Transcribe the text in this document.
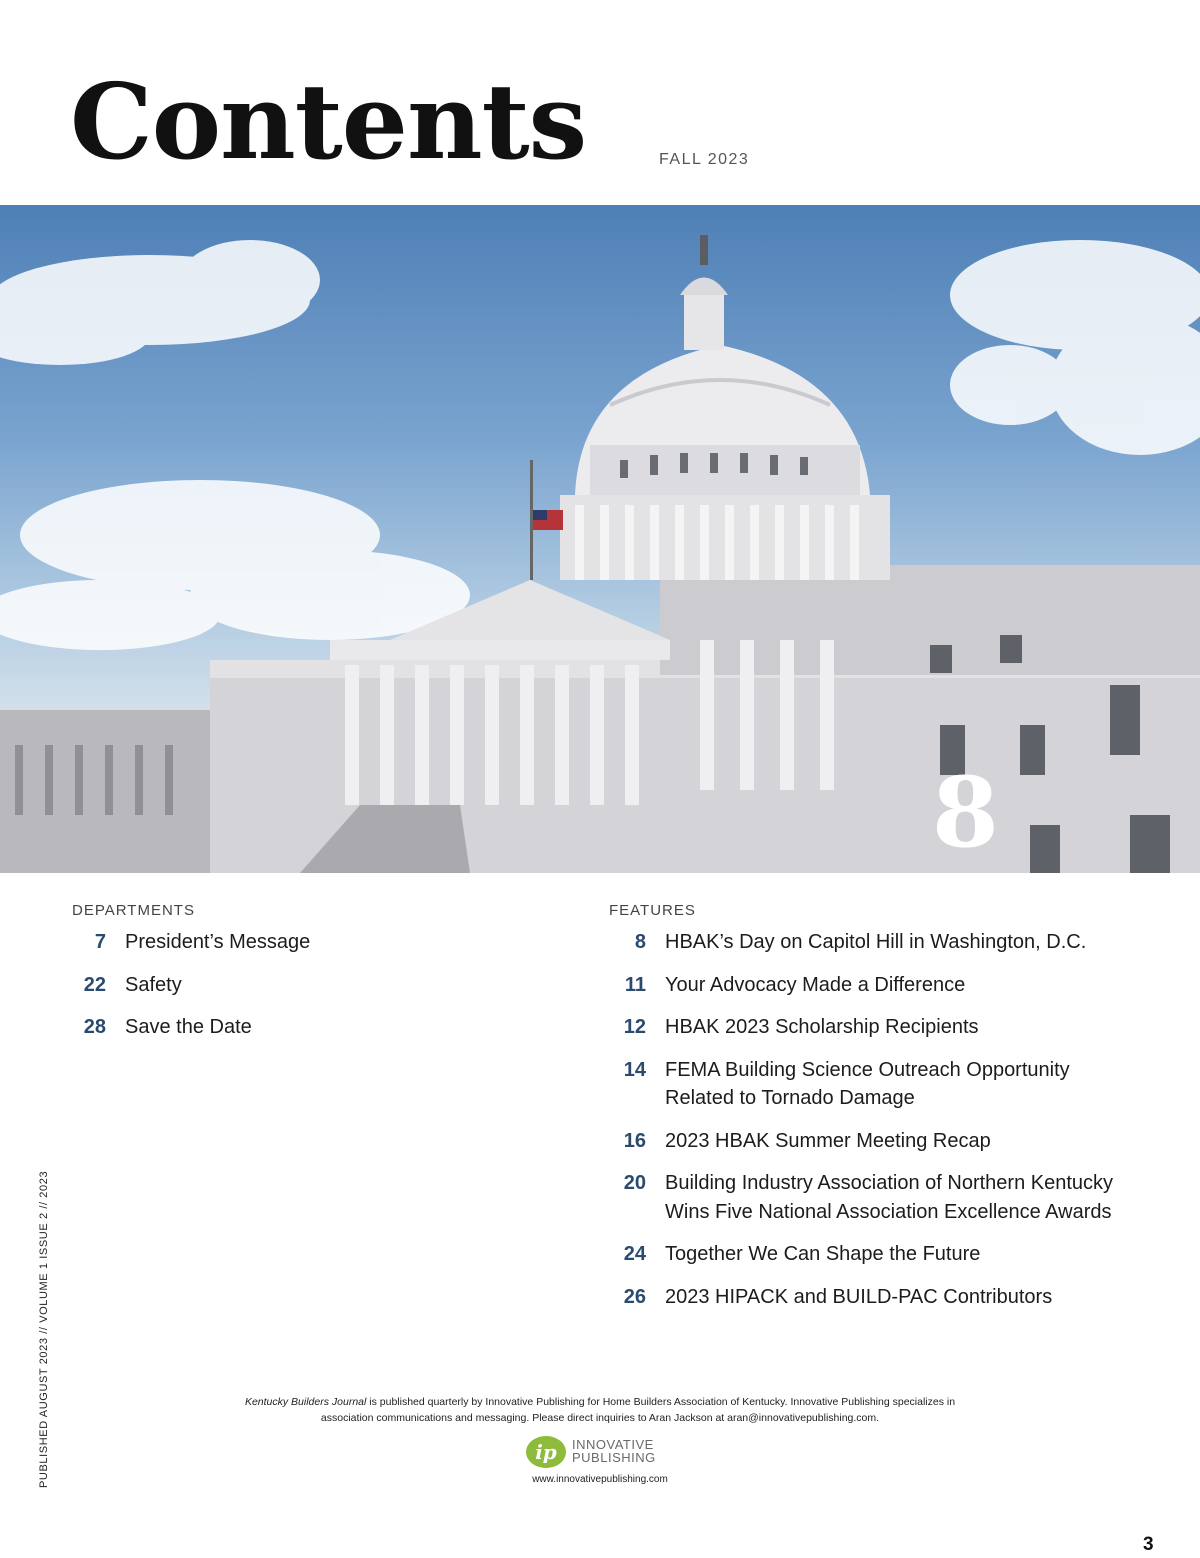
Contents	FALL 2023
8
DEPARTMENTS
7 President’s Message
22 Safety
28 Save the Date
FEATURES
8 HBAK’s Day on Capitol Hill in Washington, D.C.
11 Your Advocacy Made a Difference
12 HBAK 2023 Scholarship Recipients
14 FEMA Building Science Outreach Opportunity
Related to Tornado Damage
16 2023 HBAK Summer Meeting Recap
20 Building Industry Association of Northern Kentucky
Wins Five National Association Excellence Awards
24 Together We Can Shape the Future
26 2023 HIPACK and BUILD-PAC Contributors
PUBLISHED AUGUST 2023 // VOLUME 1 ISSUE 2 // 2023	Kentucky Builders Journal is published quarterly by Innovative Publishing for Home Builders Association of Kentucky. Innovative Publishing specializes in
association communications and messaging. Please direct inquiries to Aran Jackson at aran@innovativepublishing.com.
ip	INNOVATIVE
PUBLISHING
www.innovativepublishing.com
3
